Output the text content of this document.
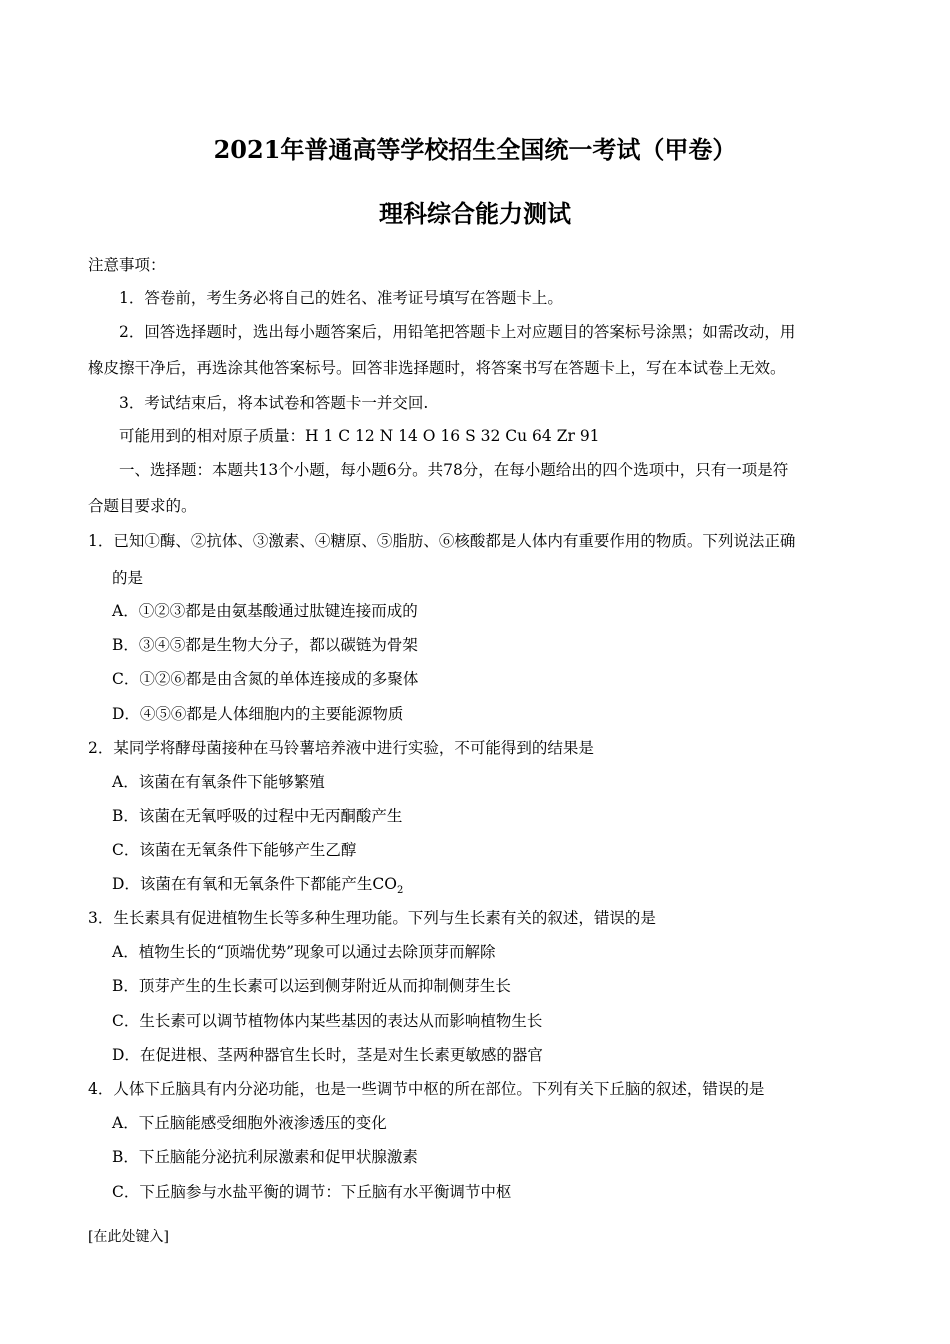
2021年普通高等学校招生全国统一考试（甲卷）
理科综合能力测试
注意事项：
1．答卷前，考生务必将自己的姓名、准考证号填写在答题卡上。
2．回答选择题时，选出每小题答案后，用铅笔把答题卡上对应题目的答案标号涂黑；如需改动，用
橡皮擦干净后，再选涂其他答案标号。回答非选择题时，将答案书写在答题卡上，写在本试卷上无效。
3．考试结束后，将本试卷和答题卡一并交回.
可能用到的相对原子质量：H 1 C 12 N 14 O 16 S 32 Cu 64 Zr 91
一、选择题：本题共13个小题，每小题6分。共78分，在每小题给出的四个选项中，只有一项是符
合题目要求的。
1．已知①酶、②抗体、③激素、④糖原、⑤脂肪、⑥核酸都是人体内有重要作用的物质。下列说法正确
的是
A．①②③都是由氨基酸通过肽键连接而成的
B．③④⑤都是生物大分子，都以碳链为骨架
C．①②⑥都是由含氮的单体连接成的多聚体
D．④⑤⑥都是人体细胞内的主要能源物质
2．某同学将酵母菌接种在马铃薯培养液中进行实验，不可能得到的结果是
A．该菌在有氧条件下能够繁殖
B．该菌在无氧呼吸的过程中无丙酮酸产生
C．该菌在无氧条件下能够产生乙醇
D．该菌在有氧和无氧条件下都能产生$CO_2$
3．生长素具有促进植物生长等多种生理功能。下列与生长素有关的叙述，错误的是
A．植物生长的“顶端优势”现象可以通过去除顶芽而解除
B．顶芽产生的生长素可以运到侧芽附近从而抑制侧芽生长
C．生长素可以调节植物体内某些基因的表达从而影响植物生长
D．在促进根、茎两种器官生长时，茎是对生长素更敏感的器官
4．人体下丘脑具有内分泌功能，也是一些调节中枢的所在部位。下列有关下丘脑的叙述，错误的是
A．下丘脑能感受细胞外液渗透压的变化
B．下丘脑能分泌抗利尿激素和促甲状腺激素
C．下丘脑参与水盐平衡的调节：下丘脑有水平衡调节中枢
[在此处键入]
